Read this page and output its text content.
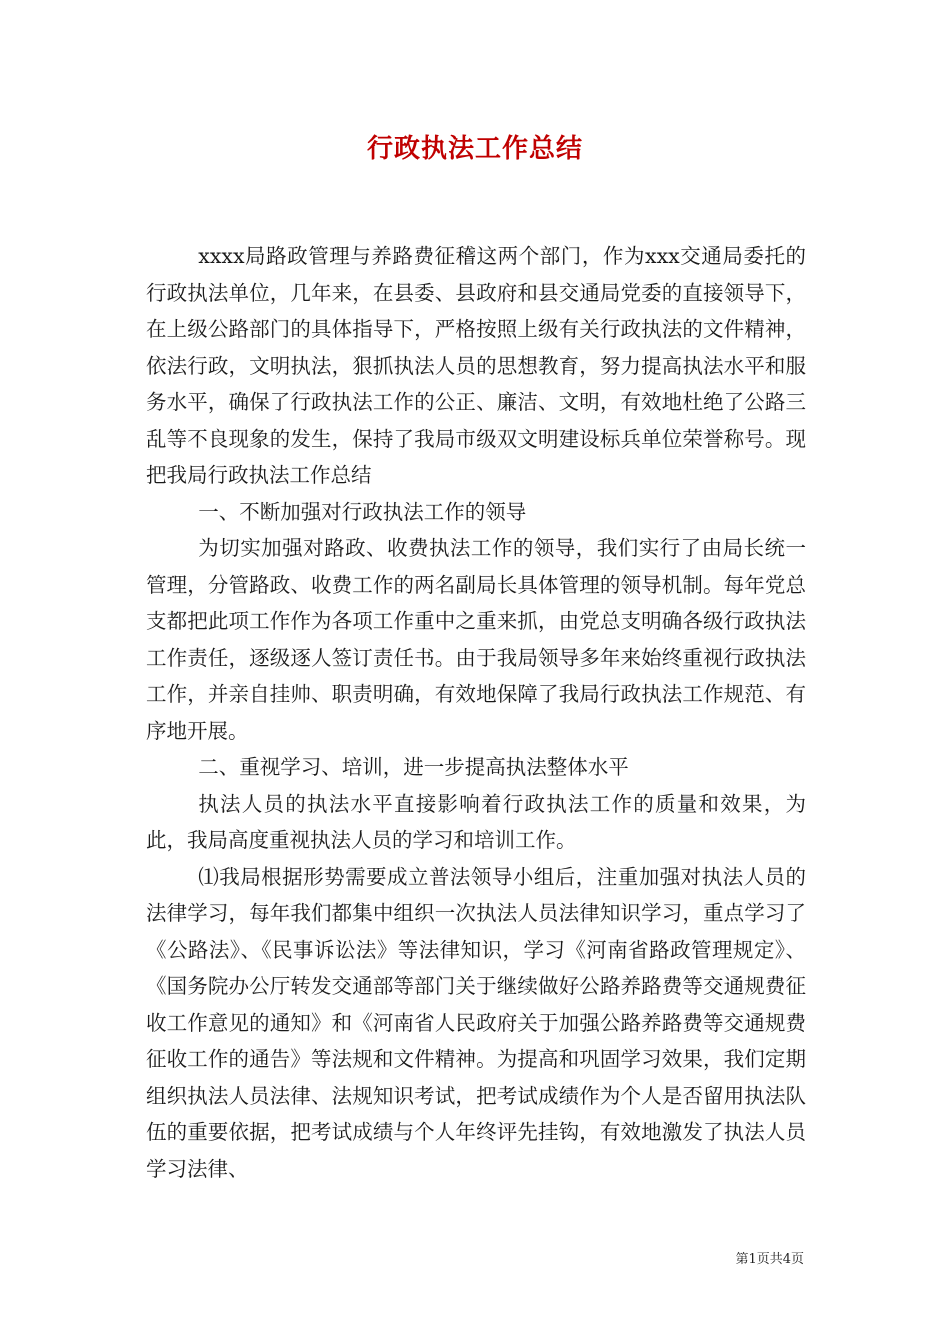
行政执法工作总结

xxxx局路政管理与养路费征稽这两个部门，作为xxx交通局委托的行政执法单位，几年来，在县委、县政府和县交通局党委的直接领导下，在上级公路部门的具体指导下，严格按照上级有关行政执法的文件精神，依法行政，文明执法，狠抓执法人员的思想教育，努力提高执法水平和服务水平，确保了行政执法工作的公正、廉洁、文明，有效地杜绝了公路三乱等不良现象的发生，保持了我局市级双文明建设标兵单位荣誉称号。现把我局行政执法工作总结

一、不断加强对行政执法工作的领导

为切实加强对路政、收费执法工作的领导，我们实行了由局长统一管理，分管路政、收费工作的两名副局长具体管理的领导机制。每年党总支都把此项工作作为各项工作重中之重来抓，由党总支明确各级行政执法工作责任，逐级逐人签订责任书。由于我局领导多年来始终重视行政执法工作，并亲自挂帅、职责明确，有效地保障了我局行政执法工作规范、有序地开展。

二、重视学习、培训，进一步提高执法整体水平

执法人员的执法水平直接影响着行政执法工作的质量和效果，为此，我局高度重视执法人员的学习和培训工作。

⑴我局根据形势需要成立普法领导小组后，注重加强对执法人员的法律学习，每年我们都集中组织一次执法人员法律知识学习，重点学习了《公路法》、《民事诉讼法》等法律知识，学习《河南省路政管理规定》、《国务院办公厅转发交通部等部门关于继续做好公路养路费等交通规费征收工作意见的通知》和《河南省人民政府关于加强公路养路费等交通规费征收工作的通告》等法规和文件精神。为提高和巩固学习效果，我们定期组织执法人员法律、法规知识考试，把考试成绩作为个人是否留用执法队伍的重要依据，把考试成绩与个人年终评先挂钩，有效地激发了执法人员学习法律、

第1页共4页
